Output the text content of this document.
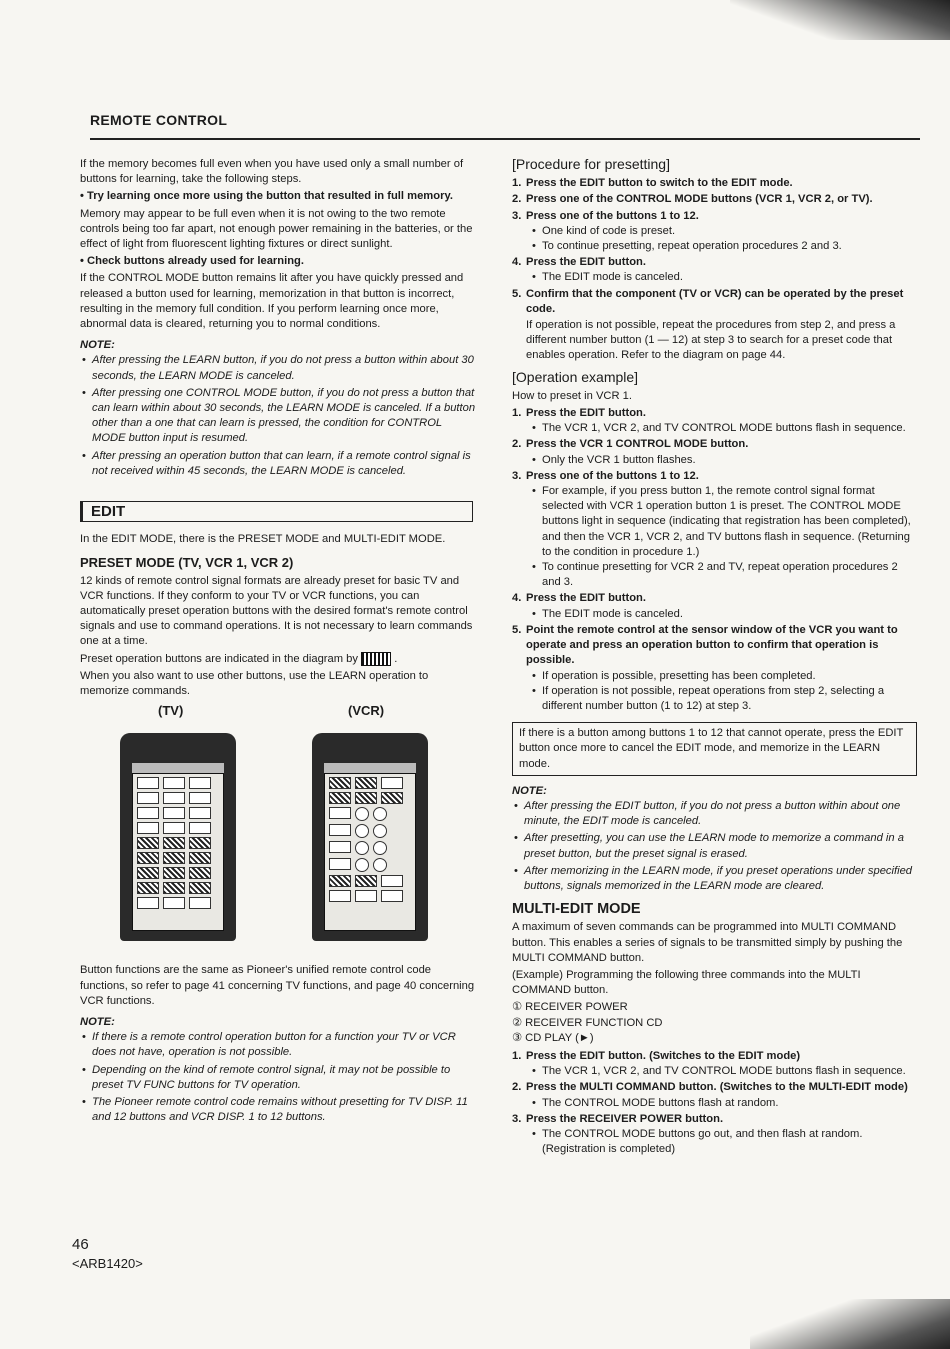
REMOTE CONTROL

If the memory becomes full even when you have used only a small number of buttons for learning, take the following steps.

• Try learning once more using the button that resulted in full memory.

Memory may appear to be full even when it is not owing to the two remote controls being too far apart, not enough power remaining in the batteries, or the effect of light from fluorescent lighting fixtures or direct sunlight.

• Check buttons already used for learning.

If the CONTROL MODE button remains lit after you have quickly pressed and released a button used for learning, memorization in that button is incorrect, resulting in the memory full condition. If you perform learning once more, abnormal data is cleared, returning you to normal conditions.

NOTE:
• After pressing the LEARN button, if you do not press a button within about 30 seconds, the LEARN MODE is canceled.
• After pressing one CONTROL MODE button, if you do not press a button that can learn within about 30 seconds, the LEARN MODE is canceled. If a button other than a one that can learn is pressed, the condition for CONTROL MODE button input is resumed.
• After pressing an operation button that can learn, if a remote control signal is not received within 45 seconds, the LEARN MODE is canceled.
EDIT

In the EDIT MODE, there is the PRESET MODE and MULTI-EDIT MODE.

PRESET MODE (TV, VCR 1, VCR 2)

12 kinds of remote control signal formats are already preset for basic TV and VCR functions. If they conform to your TV or VCR functions, you can automatically preset operation buttons with the desired format's remote control signals and use to command operations. It is not necessary to learn commands one at a time.

Preset operation buttons are indicated in the diagram by	.

When you also want to use other buttons, use the LEARN operation to memorize commands.

(TV)	(VCR)

Button functions are the same as Pioneer's unified remote control code functions, so refer to page 41 concerning TV functions, and page 40 concerning VCR functions.

NOTE:
• If there is a remote control operation button for a function your TV or VCR does not have, operation is not possible.
• Depending on the kind of remote control signal, it may not be possible to preset TV FUNC buttons for TV operation.
• The Pioneer remote control code remains without presetting for TV DISP. 11 and 12 buttons and VCR DISP. 1 to 12 buttons.
[Procedure for presetting]
1. Press the EDIT button to switch to the EDIT mode.
2. Press one of the CONTROL MODE buttons (VCR 1, VCR 2, or TV).
3. Press one of the buttons 1 to 12.
• One kind of code is preset.
• To continue presetting, repeat operation procedures 2 and 3.
4. Press the EDIT button.
• The EDIT mode is canceled.
5. Confirm that the component (TV or VCR) can be operated by the preset code.

If operation is not possible, repeat the procedures from step 2, and press a different number button (1 — 12) at step 3 to search for a preset code that enables operation. Refer to the diagram on page 44.

[Operation example]

How to preset in VCR 1.

1. Press the EDIT button.
• The VCR 1, VCR 2, and TV CONTROL MODE buttons flash in sequence.
2. Press the VCR 1 CONTROL MODE button.
• Only the VCR 1 button flashes.
3. Press one of the buttons 1 to 12.
• For example, if you press button 1, the remote control signal format selected with VCR 1 operation button 1 is preset. The CONTROL MODE buttons light in sequence (indicating that registration has been completed), and then the VCR 1, VCR 2, and TV buttons flash in sequence. (Returning to the condition in procedure 1.)
• To continue presetting for VCR 2 and TV, repeat operation procedures 2 and 3.
4. Press the EDIT button.
• The EDIT mode is canceled.
5. Point the remote control at the sensor window of the VCR you want to operate and press an operation button to confirm that operation is possible.
• If operation is possible, presetting has been completed.
• If operation is not possible, repeat operations from step 2, selecting a different number button (1 to 12) at step 3.
If there is a button among buttons 1 to 12 that cannot operate, press the EDIT button once more to cancel the EDIT mode, and memorize in the LEARN mode.
NOTE:
• After pressing the EDIT button, if you do not press a button within about one minute, the EDIT mode is canceled.
• After presetting, you can use the LEARN mode to memorize a command in a preset button, but the preset signal is erased.
• After memorizing in the LEARN mode, if you preset operations under specified buttons, signals memorized in the LEARN mode are cleared.
MULTI-EDIT MODE

A maximum of seven commands can be programmed into MULTI COMMAND button. This enables a series of signals to be transmitted simply by pushing the MULTI COMMAND button.

(Example) Programming the following three commands into the MULTI COMMAND button.

① RECEIVER POWER

② RECEIVER FUNCTION CD

③ CD PLAY (►)

1. Press the EDIT button. (Switches to the EDIT mode)
• The VCR 1, VCR 2, and TV CONTROL MODE buttons flash in sequence.
2. Press the MULTI COMMAND button. (Switches to the MULTI-EDIT mode)
• The CONTROL MODE buttons flash at random.
3. Press the RECEIVER POWER button.
• The CONTROL MODE buttons go out, and then flash at random. (Registration is completed)
46
<ARB1420>
